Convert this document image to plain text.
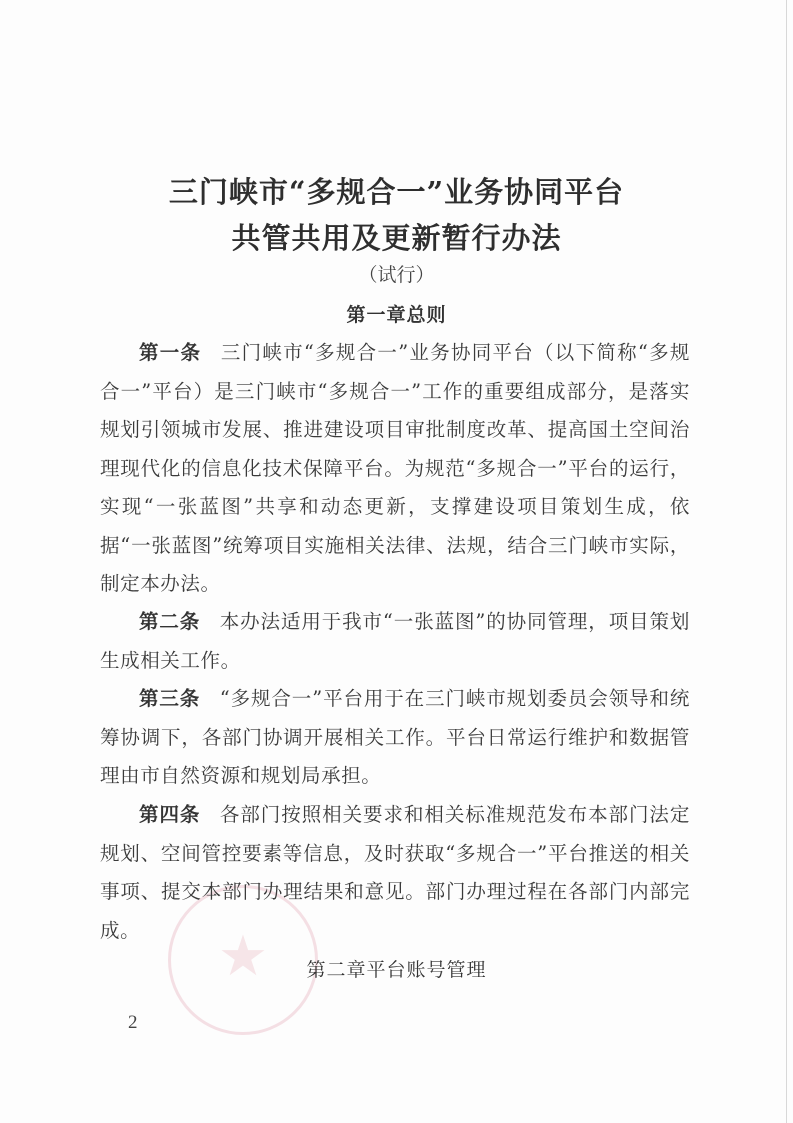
★
三门峡市“多规合一”业务协同平台
共管共用及更新暂行办法
（试行）
第一章总则

第一条 三门峡市“多规合一”业务协同平台（以下简称“多规合一”平台）是三门峡市“多规合一”工作的重要组成部分，是落实规划引领城市发展、推进建设项目审批制度改革、提高国土空间治理现代化的信息化技术保障平台。为规范“多规合一”平台的运行，实现“一张蓝图”共享和动态更新，支撑建设项目策划生成，依据“一张蓝图”统筹项目实施相关法律、法规，结合三门峡市实际，制定本办法。

第二条 本办法适用于我市“一张蓝图”的协同管理，项目策划生成相关工作。

第三条 “多规合一”平台用于在三门峡市规划委员会领导和统筹协调下，各部门协调开展相关工作。平台日常运行维护和数据管理由市自然资源和规划局承担。

第四条 各部门按照相关要求和相关标准规范发布本部门法定规划、空间管控要素等信息，及时获取“多规合一”平台推送的相关事项、提交本部门办理结果和意见。部门办理过程在各部门内部完成。

第二章平台账号管理
2
